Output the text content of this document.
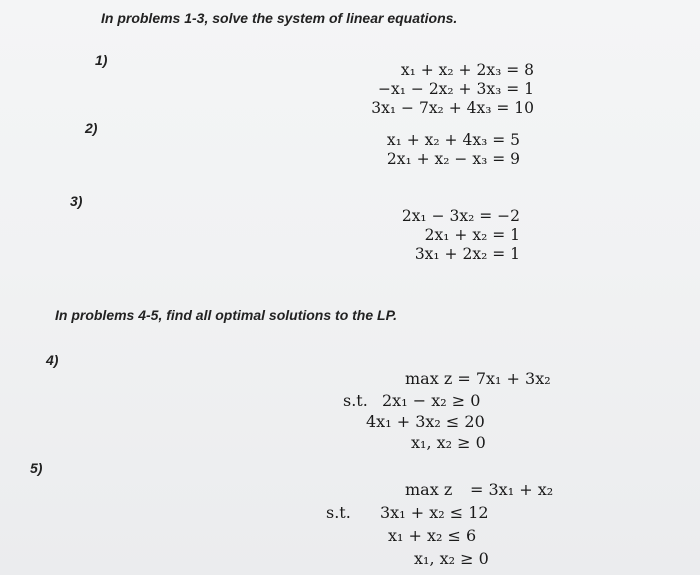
In problems 1-3, solve the system of linear equations.
1)
x₁ + x₂ + 2x₃ = 8
−x₁ − 2x₂ + 3x₃ = 1
3x₁ − 7x₂ + 4x₃ = 10
2)
x₁ + x₂ + 4x₃ = 5
2x₁ + x₂ − x₃ = 9
3)
2x₁ − 3x₂ = −2
2x₁ + x₂ = 1
3x₁ + 2x₂ = 1
In problems 4-5, find all optimal solutions to the LP.
4)
max z = 7x₁ + 3x₂
s.t. 2x₁ − x₂ ≥ 0
4x₁ + 3x₂ ≤ 20
x₁, x₂ ≥ 0
5)
max z = 3x₁ + x₂
s.t. 3x₁ + x₂ ≤ 12
x₁ + x₂ ≤ 6
x₁, x₂ ≥ 0
